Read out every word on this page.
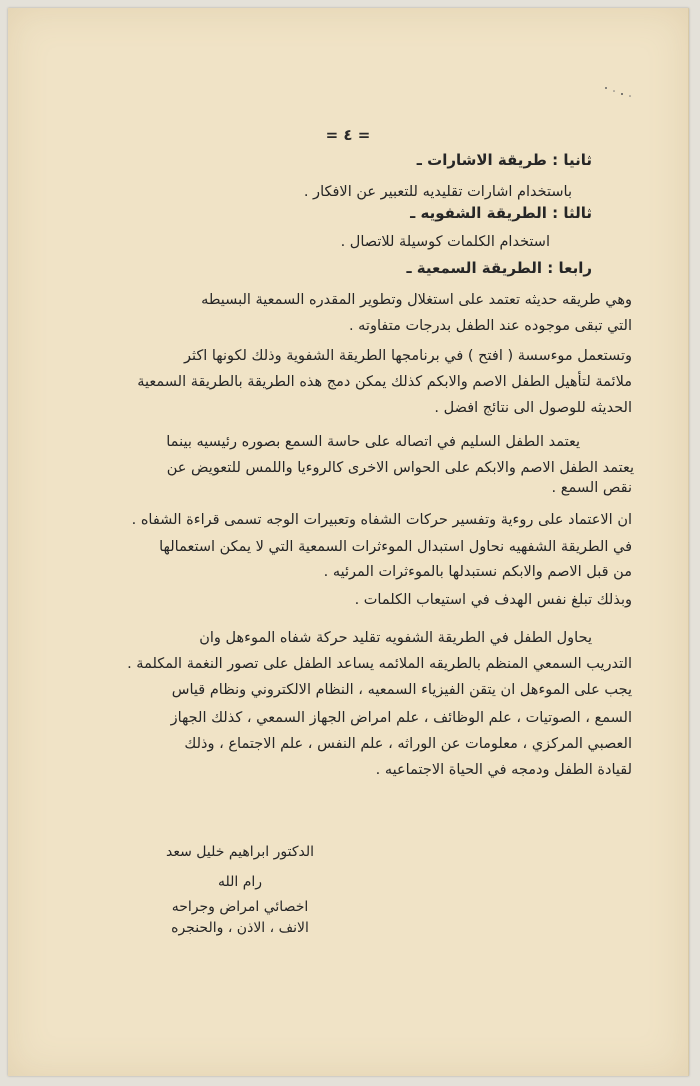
= ٤ =
ثانيا : طريقة الاشارات ـ
باستخدام اشارات تقليديه للتعبير عن الافكار .
ثالثا : الطريقة الشفويه ـ
استخدام الكلمات كوسيلة للاتصال .
رابعا : الطريقة السمعية ـ
وهي طريقه حديثه تعتمد على استغلال وتطوير المقدره السمعية البسيطه
التي تبقى موجوده عند الطفل بدرجات متفاوته .
وتستعمل موءسسة ( افتح ) في برنامجها الطريقة الشفوية وذلك لكونها اكثر
ملائمة لتأهيل الطفل الاصم والابكم كذلك يمكن دمج هذه الطريقة بالطريقة السمعية
الحديثه للوصول الى نتائج افضل .
يعتمد الطفل السليم في اتصاله على حاسة السمع بصوره رئيسيه بينما
يعتمد الطفل الاصم والابكم على الحواس الاخرى كالروءيا واللمس للتعويض عن
نقص السمع .
ان الاعتماد على روءية وتفسير حركات الشفاه وتعبيرات الوجه تسمى قراءة الشفاه .
في الطريقة الشفهيه نحاول استبدال الموءثرات السمعية التي لا يمكن استعمالها
من قبل الاصم والابكم نستبدلها بالموءثرات المرئيه .
وبذلك تبلغ نفس الهدف في استيعاب الكلمات .
يحاول الطفل في الطريقة الشفويه تقليد حركة شفاه الموءهل وان
التدريب السمعي المنظم بالطريقه الملائمه يساعد الطفل على تصور النغمة المكلمة .
يجب على الموءهل ان يتقن الفيزياء السمعيه ، النظام الالكتروني ونظام قياس
السمع ، الصوتيات ، علم الوظائف ، علم امراض الجهاز السمعي ، كذلك الجهاز
العصبي المركزي ، معلومات عن الوراثه ، علم النفس ، علم الاجتماع ، وذلك
لقيادة الطفل ودمجه في الحياة الاجتماعيه .
الدكتور ابراهيم خليل سعد
رام الله
اخصائي امراض وجراحه
الانف ، الاذن ، والحنجره
